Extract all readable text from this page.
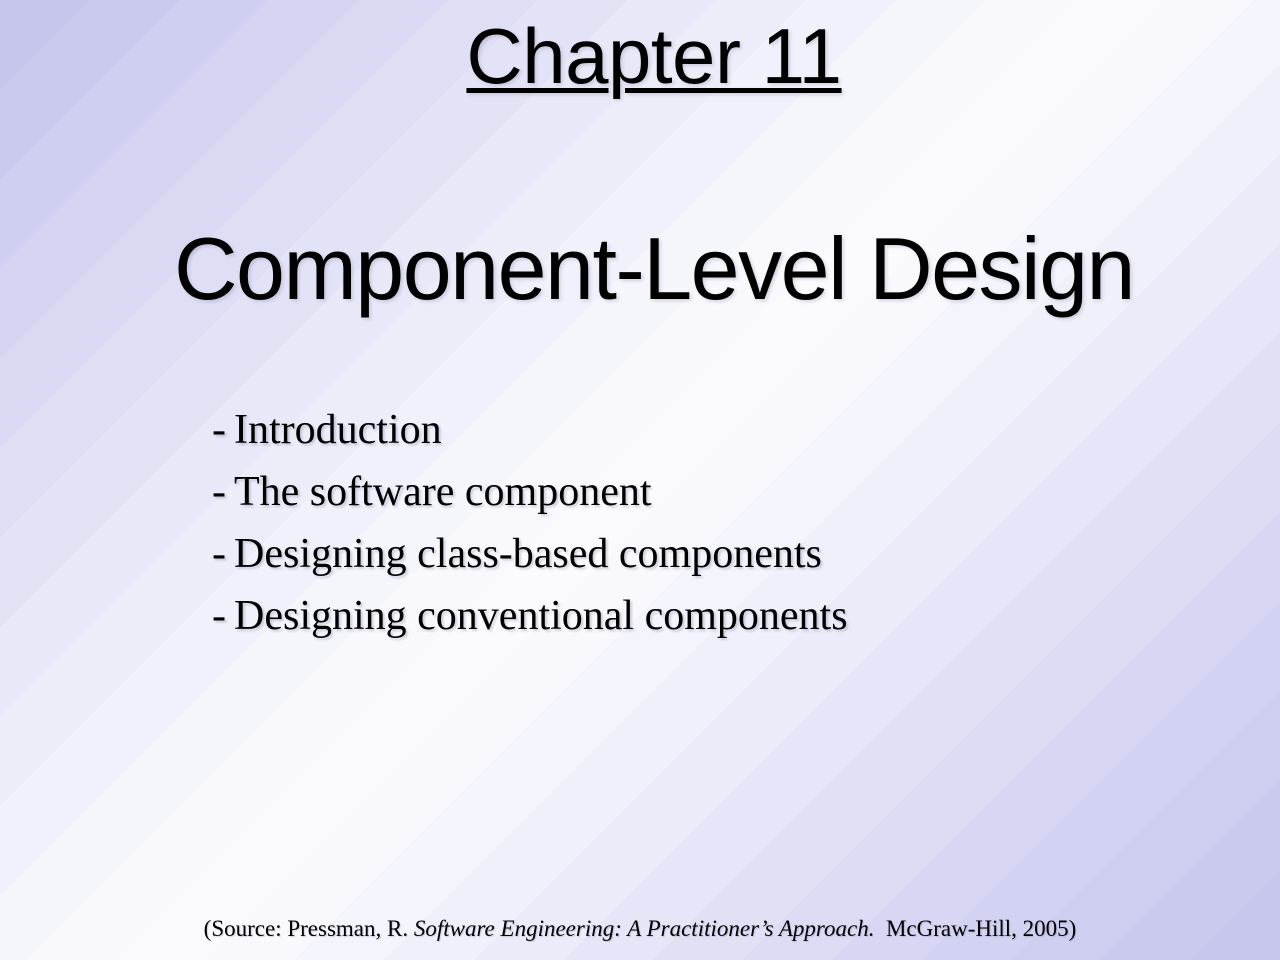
Chapter 11
Component-Level Design
- Introduction
- The software component
- Designing class-based components
- Designing conventional components
(Source: Pressman, R. Software Engineering: A Practitioner’s Approach.  McGraw-Hill, 2005)
